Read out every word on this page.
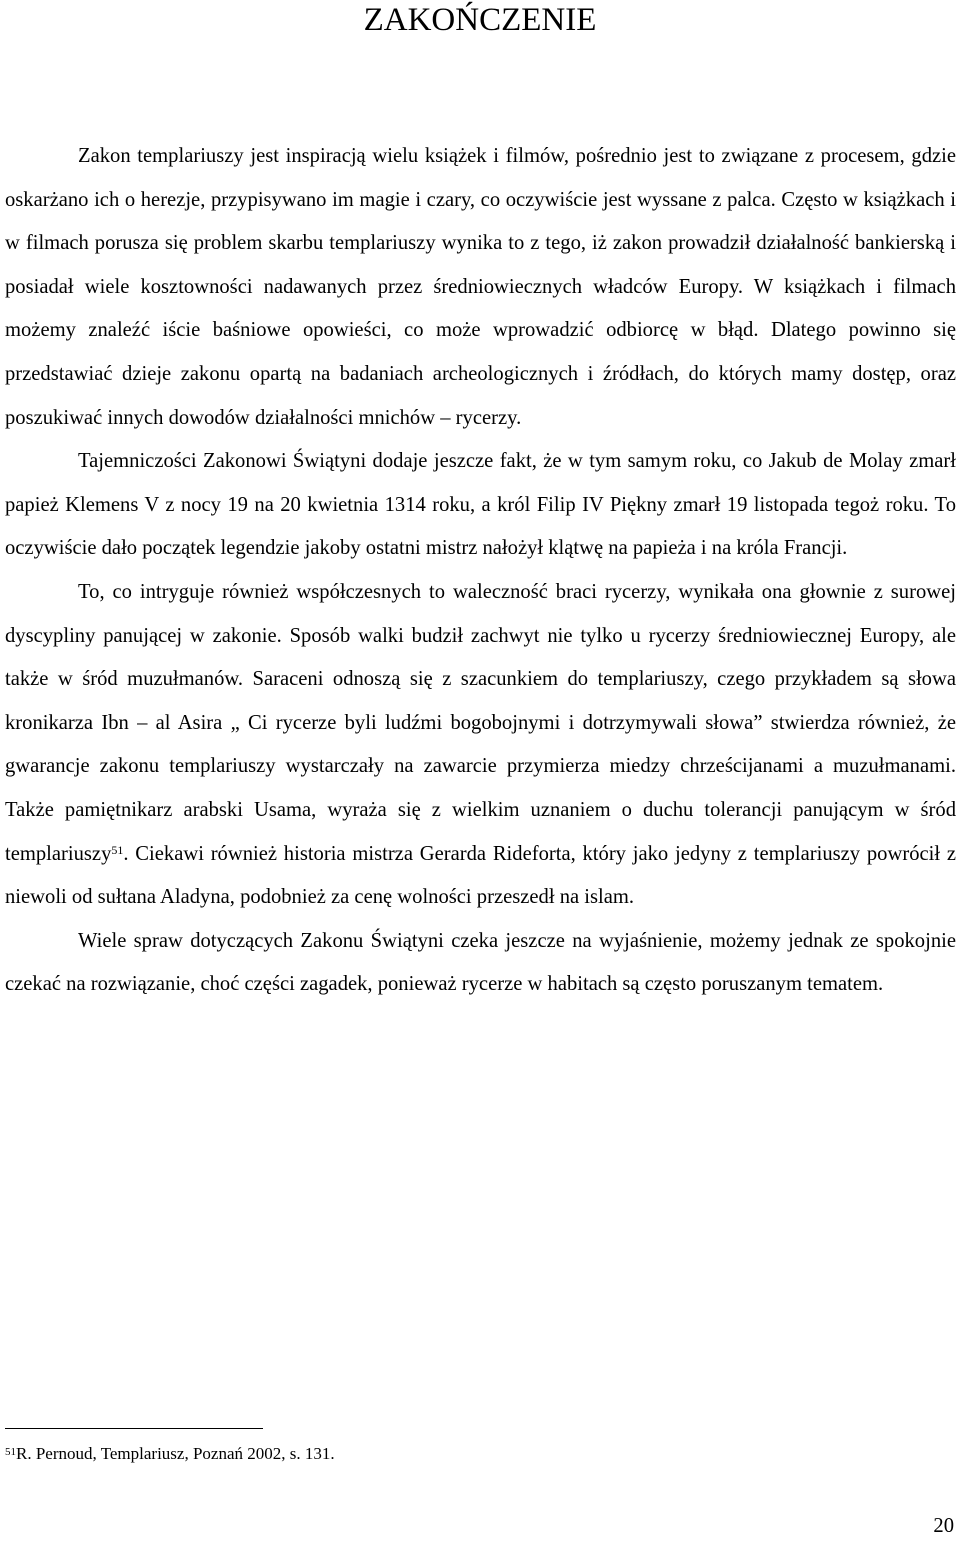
ZAKOŃCZENIE

Zakon templariuszy jest inspiracją wielu książek i filmów, pośrednio jest to związane z procesem, gdzie oskarżano ich o herezje, przypisywano im magie i czary, co oczywiście jest wyssane z palca. Często w książkach i w filmach porusza się problem skarbu templariuszy wynika to z tego, iż zakon prowadził działalność bankierską i posiadał wiele kosztowności nadawanych przez średniowiecznych władców Europy. W książkach i filmach możemy znaleźć iście baśniowe opowieści, co może wprowadzić odbiorcę w błąd. Dlatego powinno się przedstawiać dzieje zakonu opartą na badaniach archeologicznych i źródłach, do których mamy dostęp, oraz poszukiwać innych dowodów działalności mnichów – rycerzy.

Tajemniczości Zakonowi Świątyni dodaje jeszcze fakt, że w tym samym roku, co Jakub de Molay zmarł papież Klemens V z nocy 19 na 20 kwietnia 1314 roku, a król Filip IV Piękny zmarł 19 listopada tegoż roku. To oczywiście dało początek legendzie jakoby ostatni mistrz nałożył klątwę na papieża i na króla Francji.

To, co intryguje również współczesnych to waleczność braci rycerzy, wynikała ona głownie z surowej dyscypliny panującej w zakonie. Sposób walki budził zachwyt nie tylko u rycerzy średniowiecznej Europy, ale także w śród muzułmanów. Saraceni odnoszą się z szacunkiem do templariuszy, czego przykładem są słowa kronikarza Ibn – al Asira „ Ci rycerze byli ludźmi bogobojnymi i dotrzymywali słowa” stwierdza również, że gwarancje zakonu templariuszy wystarczały na zawarcie przymierza miedzy chrześcijanami a muzułmanami. Także pamiętnikarz arabski Usama, wyraża się z wielkim uznaniem o duchu tolerancji panującym w śród templariuszy$^{51}$. Ciekawi również historia mistrza Gerarda Rideforta, który jako jedyny z templariuszy powrócił z niewoli od sułtana Aladyna, podobnież za cenę wolności przeszedł na islam.

Wiele spraw dotyczących Zakonu Świątyni czeka jeszcze na wyjaśnienie, możemy jednak ze spokojnie czekać na rozwiązanie, choć części zagadek, ponieważ rycerze w habitach są często poruszanym tematem.

$^{51}$R. Pernoud, Templariusz, Poznań 2002, s. 131.
20
